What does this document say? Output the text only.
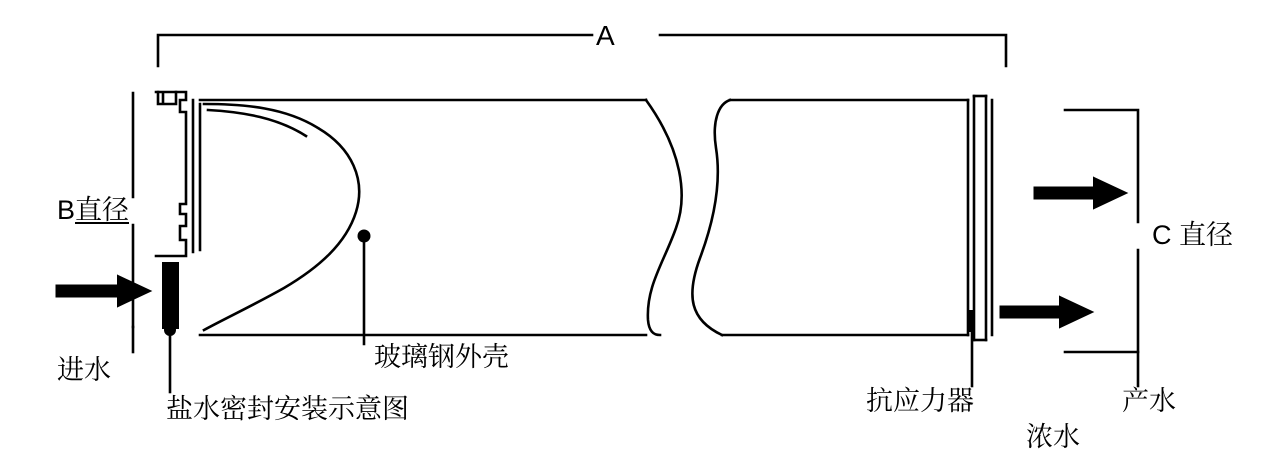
A
B直径
C 直径
进水	玻璃钢外壳
盐水密封安装示意图	抗应力器
浓水
产水
